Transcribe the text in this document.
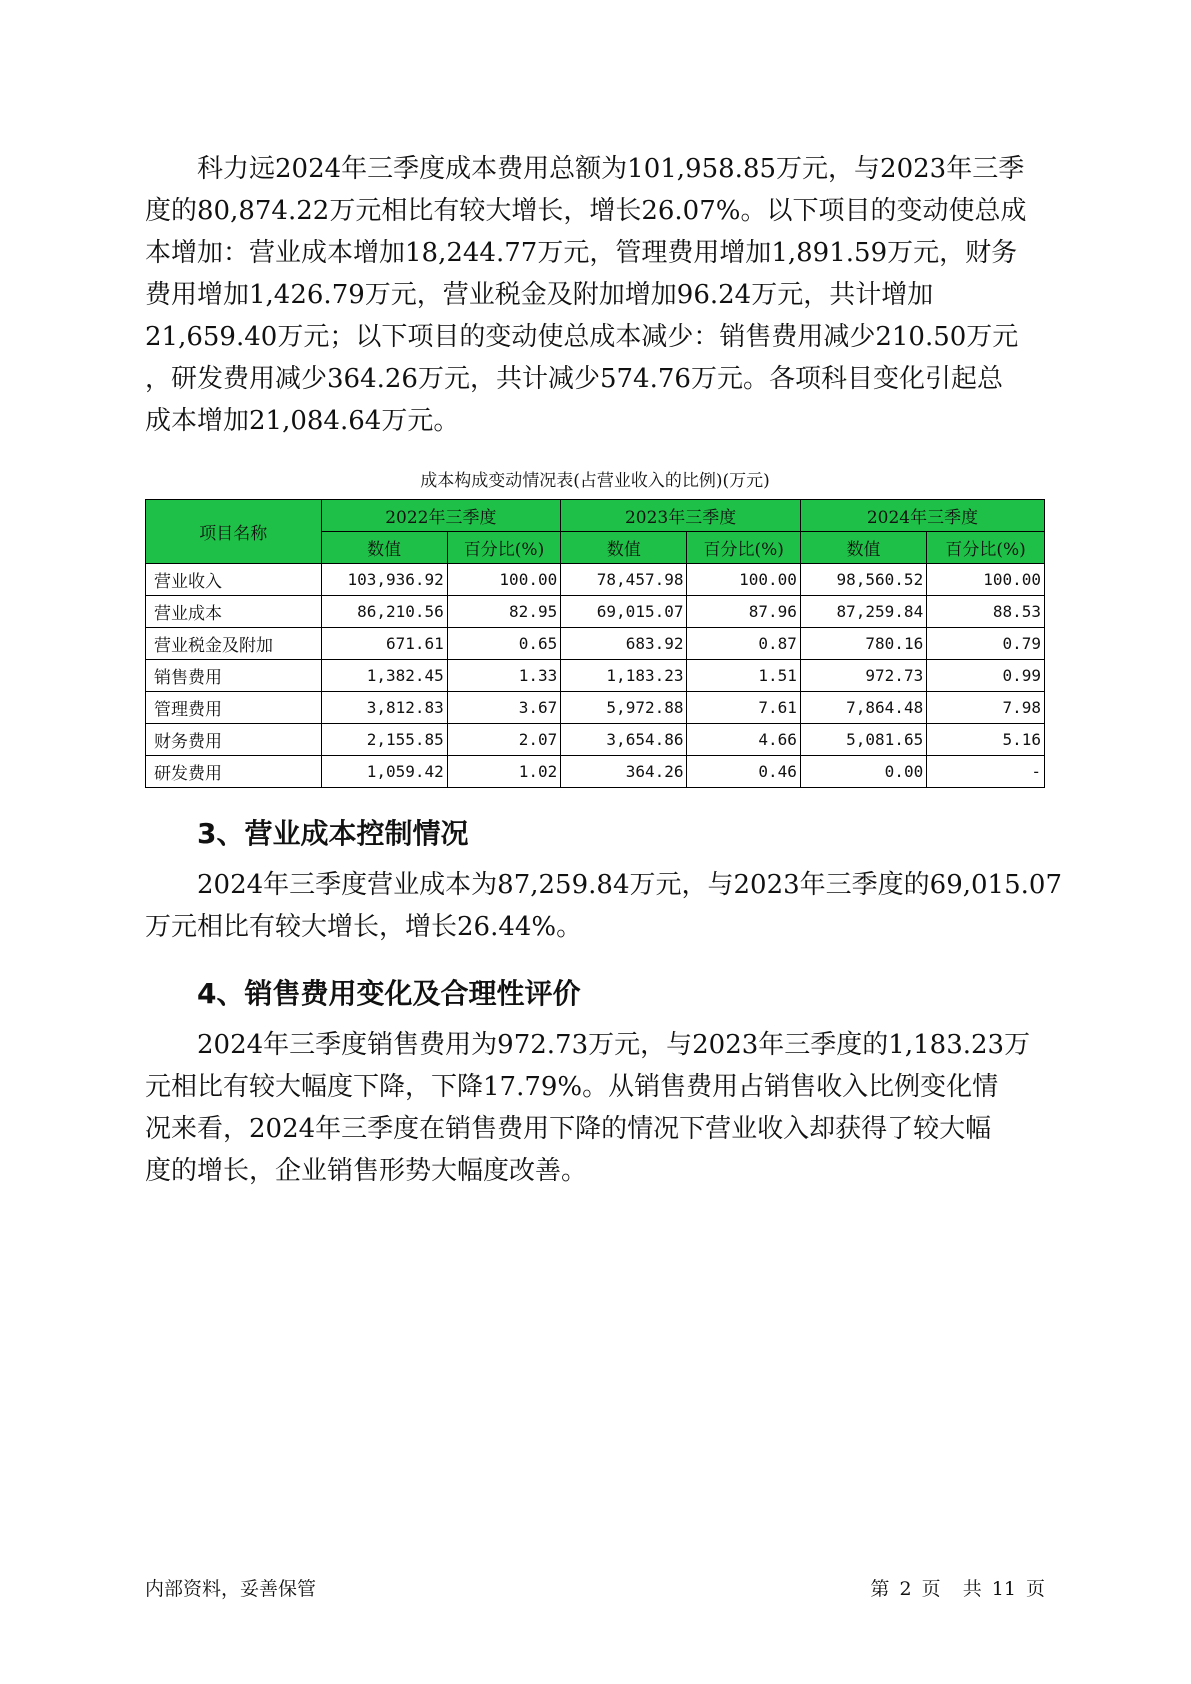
科力远2024年三季度成本费用总额为101,958.85万元，与2023年三季
度的80,874.22万元相比有较大增长，增长26.07%。以下项目的变动使总成
本增加：营业成本增加18,244.77万元，管理费用增加1,891.59万元，财务
费用增加1,426.79万元，营业税金及附加增加96.24万元，共计增加
21,659.40万元；以下项目的变动使总成本减少：销售费用减少210.50万元
，研发费用减少364.26万元，共计减少574.76万元。各项科目变化引起总
成本增加21,084.64万元。

成本构成变动情况表(占营业收入的比例)(万元)
项目名称	2022年三季度		2023年三季度		2024年三季度	
	数值	百分比(%)	数值	百分比(%)	数值	百分比(%)
营业收入	103,936.92	100.00	78,457.98	100.00	98,560.52	100.00
营业成本	86,210.56	82.95	69,015.07	87.96	87,259.84	88.53
营业税金及附加	671.61	0.65	683.92	0.87	780.16	0.79
销售费用	1,382.45	1.33	1,183.23	1.51	972.73	0.99
管理费用	3,812.83	3.67	5,972.88	7.61	7,864.48	7.98
财务费用	2,155.85	2.07	3,654.86	4.66	5,081.65	5.16
研发费用	1,059.42	1.02	364.26	0.46	0.00	-
3、营业成本控制情况

2024年三季度营业成本为87,259.84万元，与2023年三季度的69,015.07
万元相比有较大增长，增长26.44%。

4、销售费用变化及合理性评价

2024年三季度销售费用为972.73万元，与2023年三季度的1,183.23万
元相比有较大幅度下降，下降17.79%。从销售费用占销售收入比例变化情
况来看，2024年三季度在销售费用下降的情况下营业收入却获得了较大幅
度的增长，企业销售形势大幅度改善。

内部资料，妥善保管	第 2 页 共 11 页
